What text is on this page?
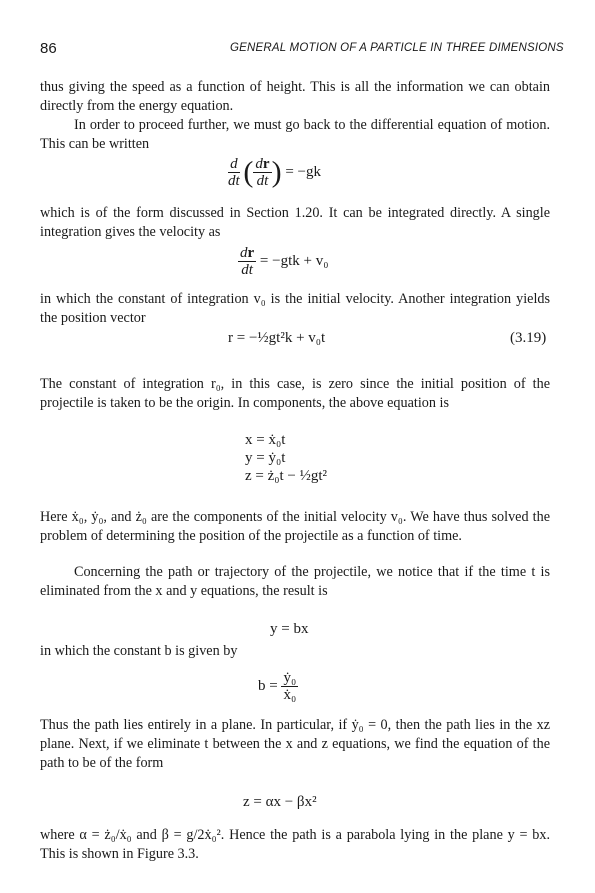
86	GENERAL MOTION OF A PARTICLE IN THREE DIMENSIONS

thus giving the speed as a function of height. This is all the information we can obtain directly from the energy equation.

In order to proceed further, we must go back to the differential equation of motion. This can be written

$\frac{d}{dt}$ ( $\frac{dr}{dt}$ ) = −gk

which is of the form discussed in Section 1.20. It can be integrated directly. A single integration gives the velocity as

$\frac{dr}{dt} = -gtk + v_0$

in which the constant of integration v₀ is the initial velocity. Another integration yields the position vector

r = −½gt²k + v₀t	(3.19)

The constant of integration r₀, in this case, is zero since the initial position of the projectile is taken to be the origin. In components, the above equation is

x = ẋ₀t
y = ẏ₀t
z = ż₀t − ½gt²

Here ẋ₀, ẏ₀, and ż₀ are the components of the initial velocity v₀. We have thus solved the problem of determining the position of the projectile as a function of time.

Concerning the path or trajectory of the projectile, we notice that if the time t is eliminated from the x and y equations, the result is

y = bx

in which the constant b is given by

$b = \frac{\text{ẏ₀}}{\text{ẋ₀}}$

Thus the path lies entirely in a plane. In particular, if ẏ₀ = 0, then the path lies in the xz plane. Next, if we eliminate t between the x and z equations, we find the equation of the path to be of the form

z = αx − βx²

where α = ż₀/ẋ₀ and β = g/2ẋ₀². Hence the path is a parabola lying in the plane y = bx. This is shown in Figure 3.3.
